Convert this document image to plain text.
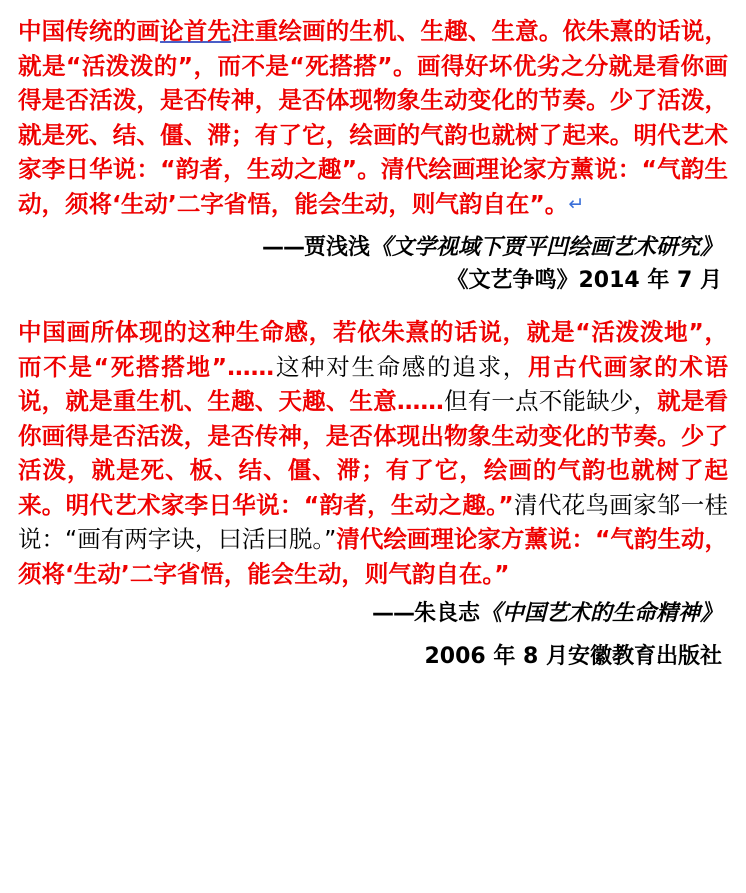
中国传统的画论首先注重绘画的生机、生趣、生意。依朱熹的话说，就是“活泼泼的”，而不是“死搭搭”。画得好坏优劣之分就是看你画得是否活泼，是否传神，是否体现物象生动变化的节奏。少了活泼，就是死、结、僵、滞；有了它，绘画的气韵也就树了起来。明代艺术家李日华说：“韵者，生动之趣”。清代绘画理论家方薰说：“气韵生动，须将‘生动’二字省悟，能会生动，则气韵自在”。↵
——贾浅浅《文学视域下贾平凹绘画艺术研究》
《文艺争鸣》2014 年 7 月
中国画所体现的这种生命感，若依朱熹的话说，就是“活泼泼地”，而不是“死搭搭地”……这种对生命感的追求，用古代画家的术语说，就是重生机、生趣、天趣、生意……但有一点不能缺少，就是看你画得是否活泼，是否传神，是否体现出物象生动变化的节奏。少了活泼，就是死、板、结、僵、滞；有了它，绘画的气韵也就树了起来。明代艺术家李日华说：“韵者，生动之趣。”清代花鸟画家邹一桂说：“画有两字诀，曰活曰脱。”清代绘画理论家方薰说：“气韵生动，须将‘生动’二字省悟，能会生动，则气韵自在。”
——朱良志《中国艺术的生命精神》
2006 年 8 月安徽教育出版社
